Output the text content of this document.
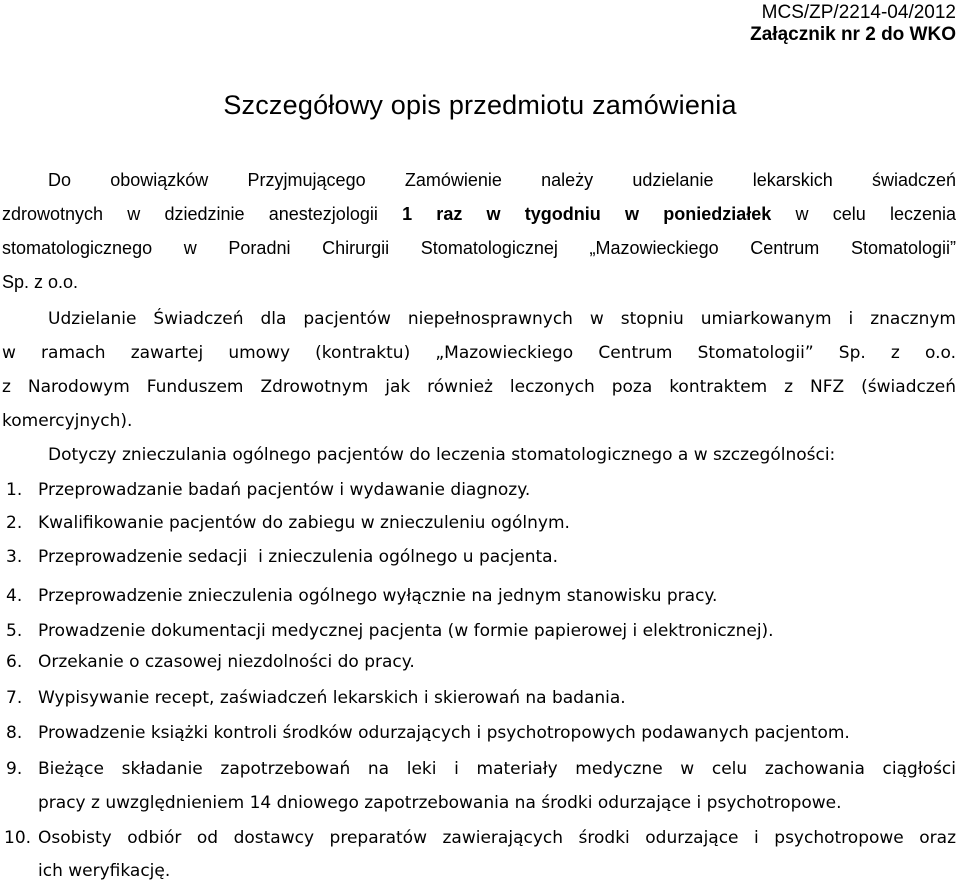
MCS/ZP/2214-04/2012
Załącznik nr 2 do WKO
Szczegółowy opis przedmiotu zamówienia
Do obowiązków Przyjmującego Zamówienie należy udzielanie lekarskich świadczeń
zdrowotnych w dziedzinie anestezjologii 1 raz w tygodniu w poniedziałek w celu leczenia
stomatologicznego w Poradni Chirurgii Stomatologicznej „Mazowieckiego Centrum Stomatologii”
Sp. z o.o.
Udzielanie Świadczeń dla pacjentów niepełnosprawnych w stopniu umiarkowanym i znacznym
w ramach zawartej umowy (kontraktu) „Mazowieckiego Centrum Stomatologii” Sp. z o.o.
z Narodowym Funduszem Zdrowotnym jak również leczonych poza kontraktem z NFZ (świadczeń
komercyjnych).
Dotyczy znieczulania ogólnego pacjentów do leczenia stomatologicznego a w szczególności:
1. Przeprowadzanie badań pacjentów i wydawanie diagnozy.
2. Kwalifikowanie pacjentów do zabiegu w znieczuleniu ogólnym.
3. Przeprowadzenie sedacji  i znieczulenia ogólnego u pacjenta.
4. Przeprowadzenie znieczulenia ogólnego wyłącznie na jednym stanowisku pracy.
5. Prowadzenie dokumentacji medycznej pacjenta (w formie papierowej i elektronicznej).
6. Orzekanie o czasowej niezdolności do pracy.
7. Wypisywanie recept, zaświadczeń lekarskich i skierowań na badania.
8. Prowadzenie książki kontroli środków odurzających i psychotropowych podawanych pacjentom.
9. Bieżące składanie zapotrzebowań na leki i materiały medyczne w celu zachowania ciągłości
pracy z uwzględnieniem 14 dniowego zapotrzebowania na środki odurzające i psychotropowe.
10. Osobisty odbiór od dostawcy preparatów zawierających środki odurzające i psychotropowe oraz
ich weryfikację.
